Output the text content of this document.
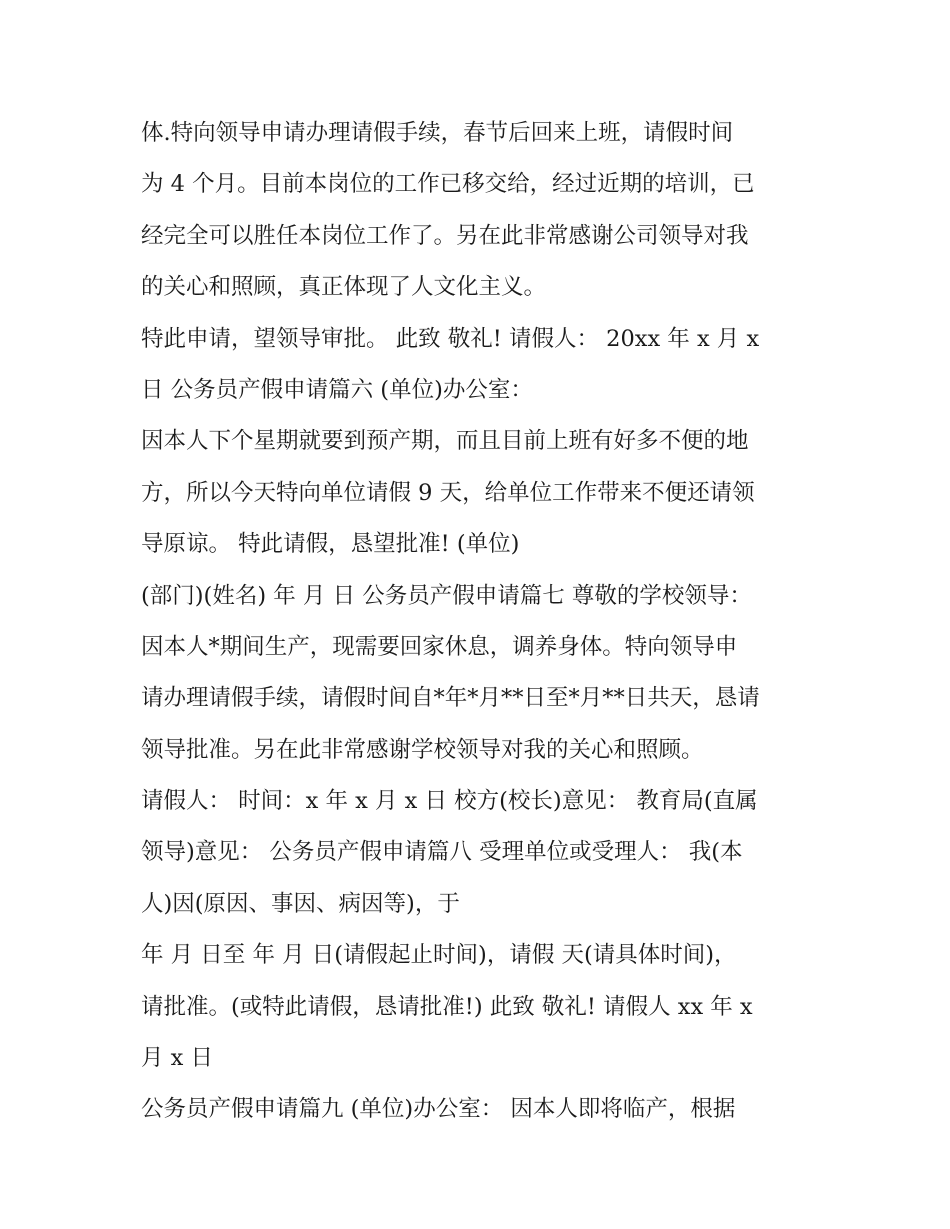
体.特向领导申请办理请假手续，春节后回来上班，请假时间
为 4 个月。目前本岗位的工作已移交给，经过近期的培训，已
经完全可以胜任本岗位工作了。另在此非常感谢公司领导对我
的关心和照顾，真正体现了人文化主义。
特此申请，望领导审批。 此致 敬礼! 请假人： 20xx 年 x 月 x
日 公务员产假申请篇六 (单位)办公室：
因本人下个星期就要到预产期，而且目前上班有好多不便的地
方，所以今天特向单位请假 9 天，给单位工作带来不便还请领
导原谅。 特此请假，恳望批准! (单位)
(部门)(姓名) 年 月 日 公务员产假申请篇七 尊敬的学校领导：
因本人*期间生产，现需要回家休息，调养身体。特向领导申
请办理请假手续，请假时间自*年*月**日至*月**日共天，恳请
领导批准。另在此非常感谢学校领导对我的关心和照顾。
请假人： 时间：x 年 x 月 x 日 校方(校长)意见： 教育局(直属
领导)意见： 公务员产假申请篇八 受理单位或受理人： 我(本
人)因(原因、事因、病因等)，于
年 月 日至 年 月 日(请假起止时间)，请假 天(请具体时间)，
请批准。(或特此请假，恳请批准!) 此致 敬礼! 请假人 xx 年 x
月 x 日
公务员产假申请篇九 (单位)办公室： 因本人即将临产，根据
